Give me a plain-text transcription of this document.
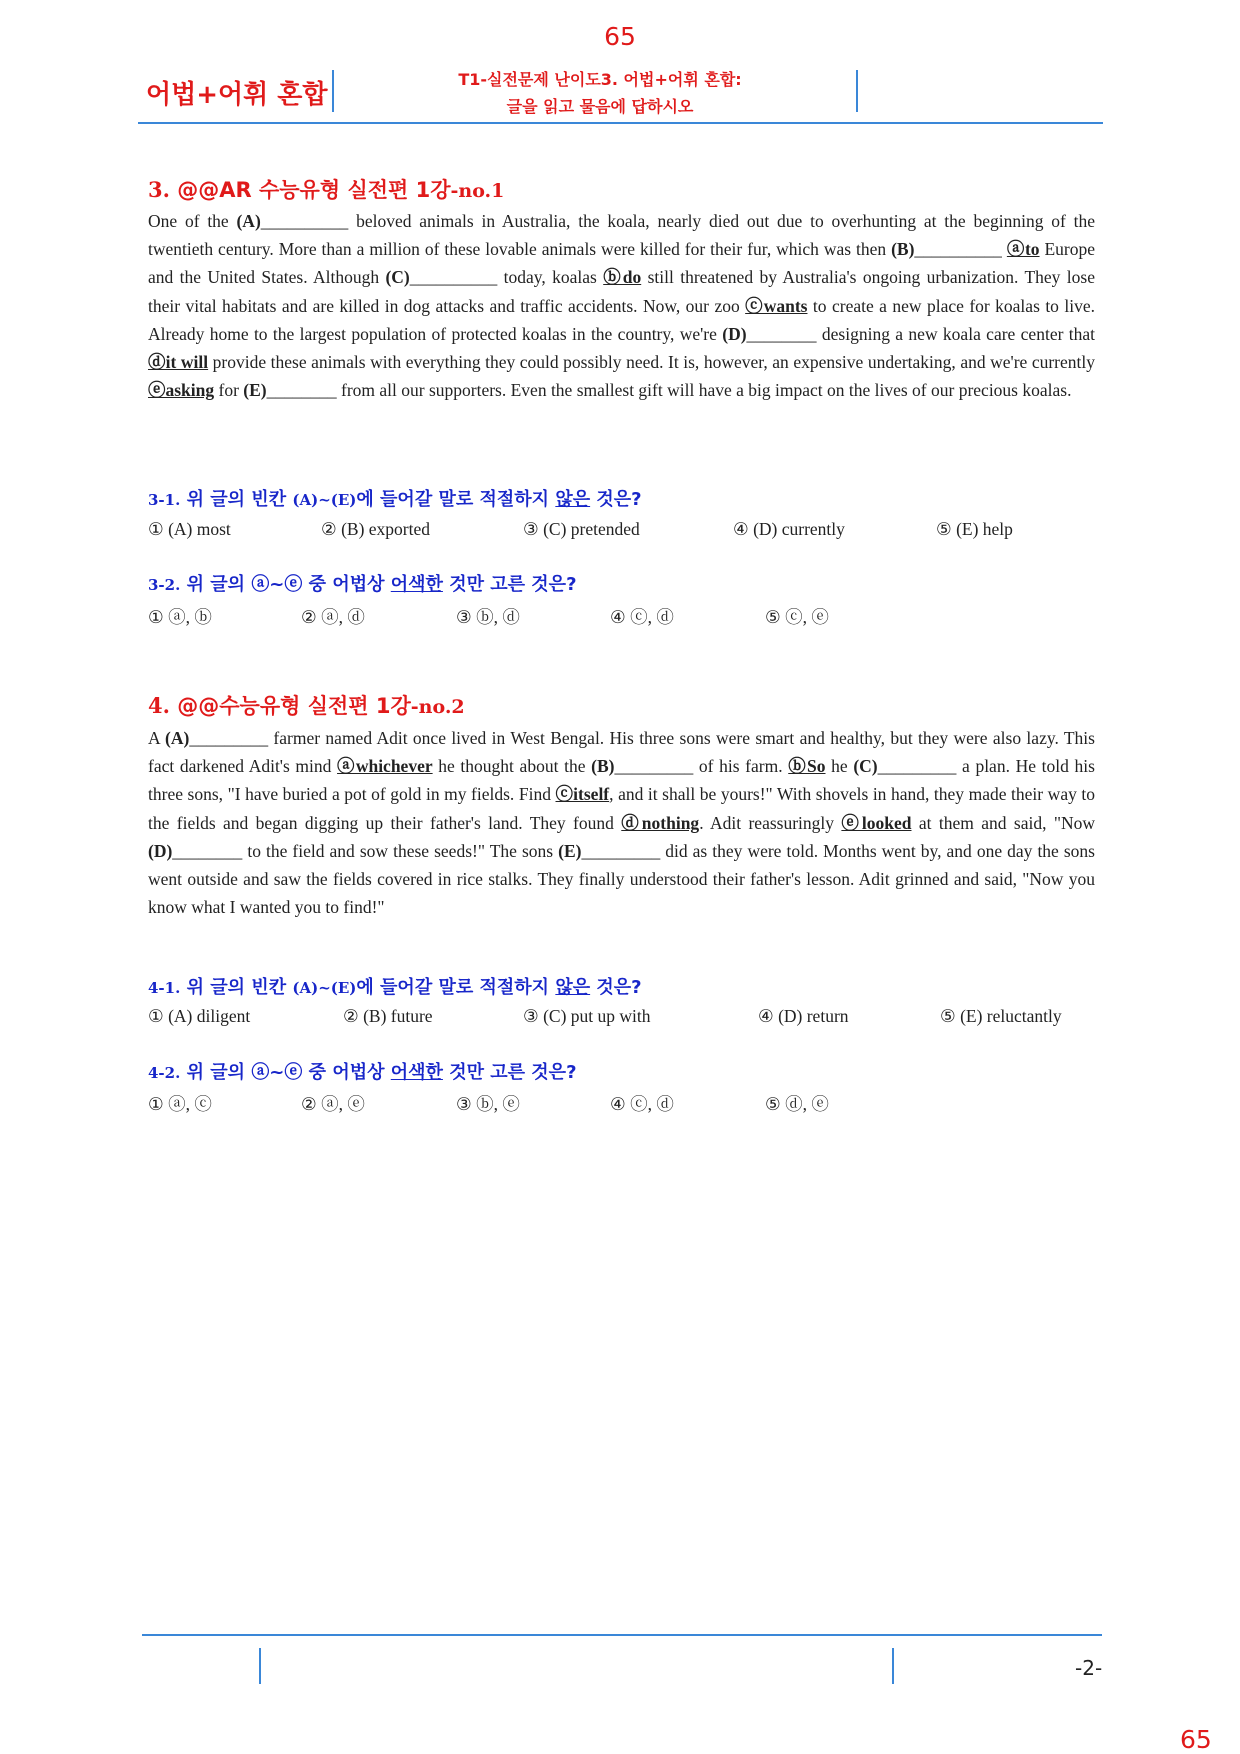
65
어법+어휘 혼합
T1-실전문제 난이도3. 어법+어휘 혼합:
글을 읽고 물음에 답하시오
3. @@AR 수능유형 실전편 1강-no.1
One of the (A)__________ beloved animals in Australia, the koala, nearly died out due to overhunting at the beginning of the twentieth century. More than a million of these lovable animals were killed for their fur, which was then (B)__________ ⓐto Europe and the United States. Although (C)__________ today, koalas ⓑdo still threatened by Australia's ongoing urbanization. They lose their vital habitats and are killed in dog attacks and traffic accidents. Now, our zoo ⓒwants to create a new place for koalas to live. Already home to the largest population of protected koalas in the country, we're (D)________ designing a new koala care center that ⓓit will provide these animals with everything they could possibly need. It is, however, an expensive undertaking, and we're currently ⓔasking for (E)________ from all our supporters. Even the smallest gift will have a big impact on the lives of our precious koalas.
3-1. 위 글의 빈칸 (A)~(E)에 들어갈 말로 적절하지 않은 것은?
① (A) most	② (B) exported	③ (C) pretended	④ (D) currently	⑤ (E) help
3-2. 위 글의 ⓐ~ⓔ 중 어법상 어색한 것만 고른 것은?
① ⓐ, ⓑ	② ⓐ, ⓓ	③ ⓑ, ⓓ	④ ⓒ, ⓓ	⑤ ⓒ, ⓔ
4. @@수능유형 실전편 1강-no.2
A (A)_________ farmer named Adit once lived in West Bengal. His three sons were smart and healthy, but they were also lazy. This fact darkened Adit's mind ⓐwhichever he thought about the (B)_________ of his farm. ⓑSo he (C)_________ a plan. He told his three sons, "I have buried a pot of gold in my fields. Find ⓒitself, and it shall be yours!" With shovels in hand, they made their way to the fields and began digging up their father's land. They found ⓓnothing. Adit reassuringly ⓔlooked at them and said, "Now (D)________ to the field and sow these seeds!" The sons (E)_________ did as they were told. Months went by, and one day the sons went outside and saw the fields covered in rice stalks. They finally understood their father's lesson. Adit grinned and said, "Now you know what I wanted you to find!"
4-1. 위 글의 빈칸 (A)~(E)에 들어갈 말로 적절하지 않은 것은?
① (A) diligent	② (B) future	③ (C) put up with	④ (D) return	⑤ (E) reluctantly
4-2. 위 글의 ⓐ~ⓔ 중 어법상 어색한 것만 고른 것은?
① ⓐ, ⓒ	② ⓐ, ⓔ	③ ⓑ, ⓔ	④ ⓒ, ⓓ	⑤ ⓓ, ⓔ
-2-
65
